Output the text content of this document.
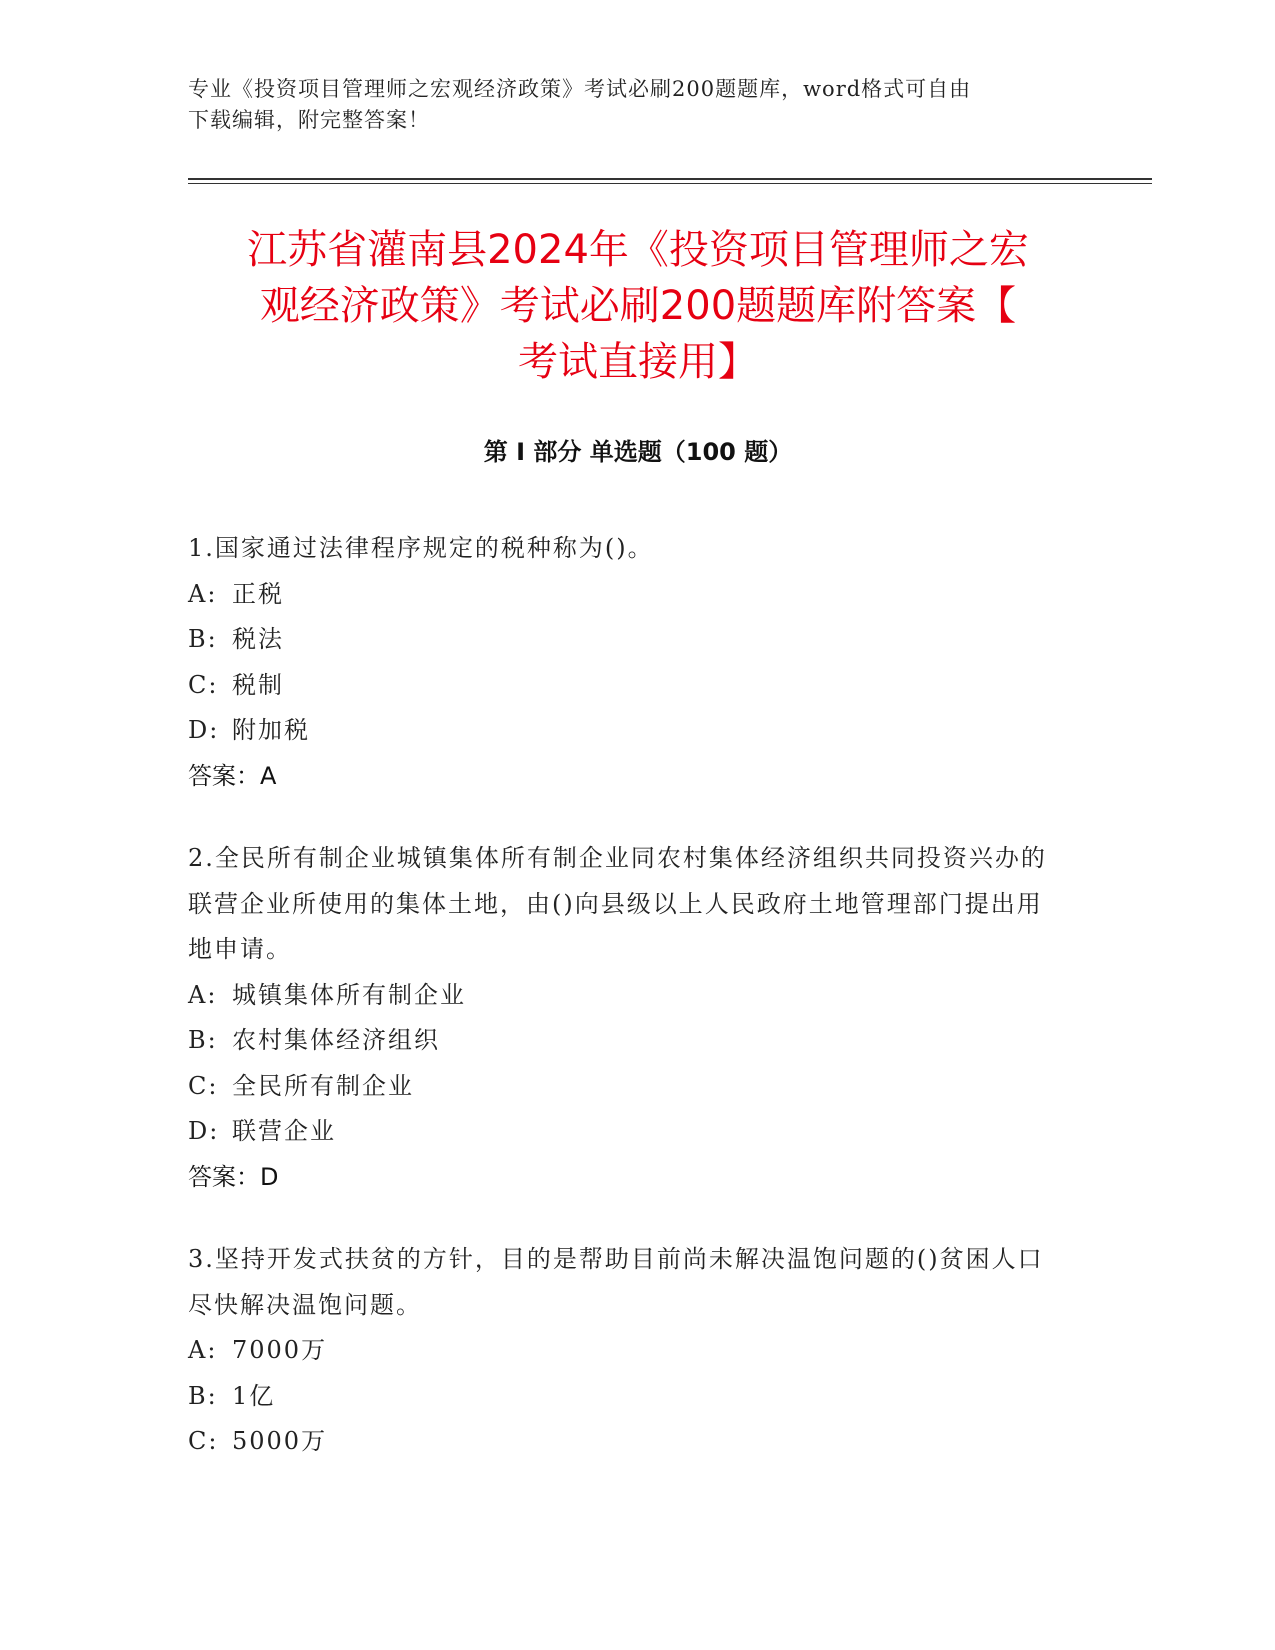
专业《投资项目管理师之宏观经济政策》考试必刷200题题库，word格式可自由
下载编辑，附完整答案！
江苏省灌南县2024年《投资项目管理师之宏
观经济政策》考试必刷200题题库附答案【
考试直接用】
第 I 部分 单选题（100 题）
1.国家通过法律程序规定的税种称为()。
A: 正税
B: 税法
C: 税制
D: 附加税
答案：A
2.全民所有制企业城镇集体所有制企业同农村集体经济组织共同投资兴办的联营企业所使用的集体土地，由()向县级以上人民政府土地管理部门提出用地申请。
A: 城镇集体所有制企业
B: 农村集体经济组织
C: 全民所有制企业
D: 联营企业
答案：D
3.坚持开发式扶贫的方针，目的是帮助目前尚未解决温饱问题的()贫困人口尽快解决温饱问题。
A: 7000万
B: 1亿
C: 5000万
